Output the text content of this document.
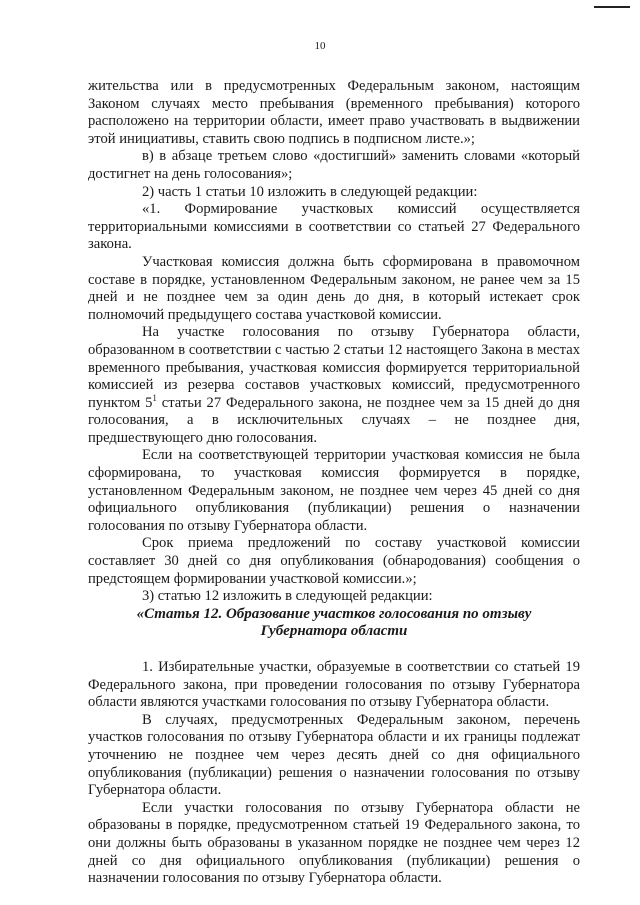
10

жительства или в предусмотренных Федеральным законом, настоящим Законом случаях место пребывания (временного пребывания) которого расположено на территории области, имеет право участвовать в выдвижении этой инициативы, ставить свою подпись в подписном листе.»;

в) в абзаце третьем слово «достигший» заменить словами «который достигнет на день голосования»;

2) часть 1 статьи 10 изложить в следующей редакции:

«1. Формирование участковых комиссий осуществляется территориальными комиссиями в соответствии со статьей 27 Федерального закона.

Участковая комиссия должна быть сформирована в правомочном составе в порядке, установленном Федеральным законом, не ранее чем за 15 дней и не позднее чем за один день до дня, в который истекает срок полномочий предыдущего состава участковой комиссии.

На участке голосования по отзыву Губернатора области, образованном в соответствии с частью 2 статьи 12 настоящего Закона в местах временного пребывания, участковая комиссия формируется территориальной комиссией из резерва составов участковых комиссий, предусмотренного пунктом $5^1$ статьи 27 Федерального закона, не позднее чем за 15 дней до дня голосования, а в исключительных случаях – не позднее дня, предшествующего дню голосования.

Если на соответствующей территории участковая комиссия не была сформирована, то участковая комиссия формируется в порядке, установленном Федеральным законом, не позднее чем через 45 дней со дня официального опубликования (публикации) решения о назначении голосования по отзыву Губернатора области.

Срок приема предложений по составу участковой комиссии составляет 30 дней со дня опубликования (обнародования) сообщения о предстоящем формировании участковой комиссии.»;

3) статью 12 изложить в следующей редакции:

«Статья 12. Образование участков голосования по отзыву

Губернатора области

1. Избирательные участки, образуемые в соответствии со статьей 19 Федерального закона, при проведении голосования по отзыву Губернатора области являются участками голосования по отзыву Губернатора области.

В случаях, предусмотренных Федеральным законом, перечень участков голосования по отзыву Губернатора области и их границы подлежат уточнению не позднее чем через десять дней со дня официального опубликования (публикации) решения о назначении голосования по отзыву Губернатора области.

Если участки голосования по отзыву Губернатора области не образованы в порядке, предусмотренном статьей 19 Федерального закона, то они должны быть образованы в указанном порядке не позднее чем через 12 дней со дня официального опубликования (публикации) решения о назначении голосования по отзыву Губернатора области.
